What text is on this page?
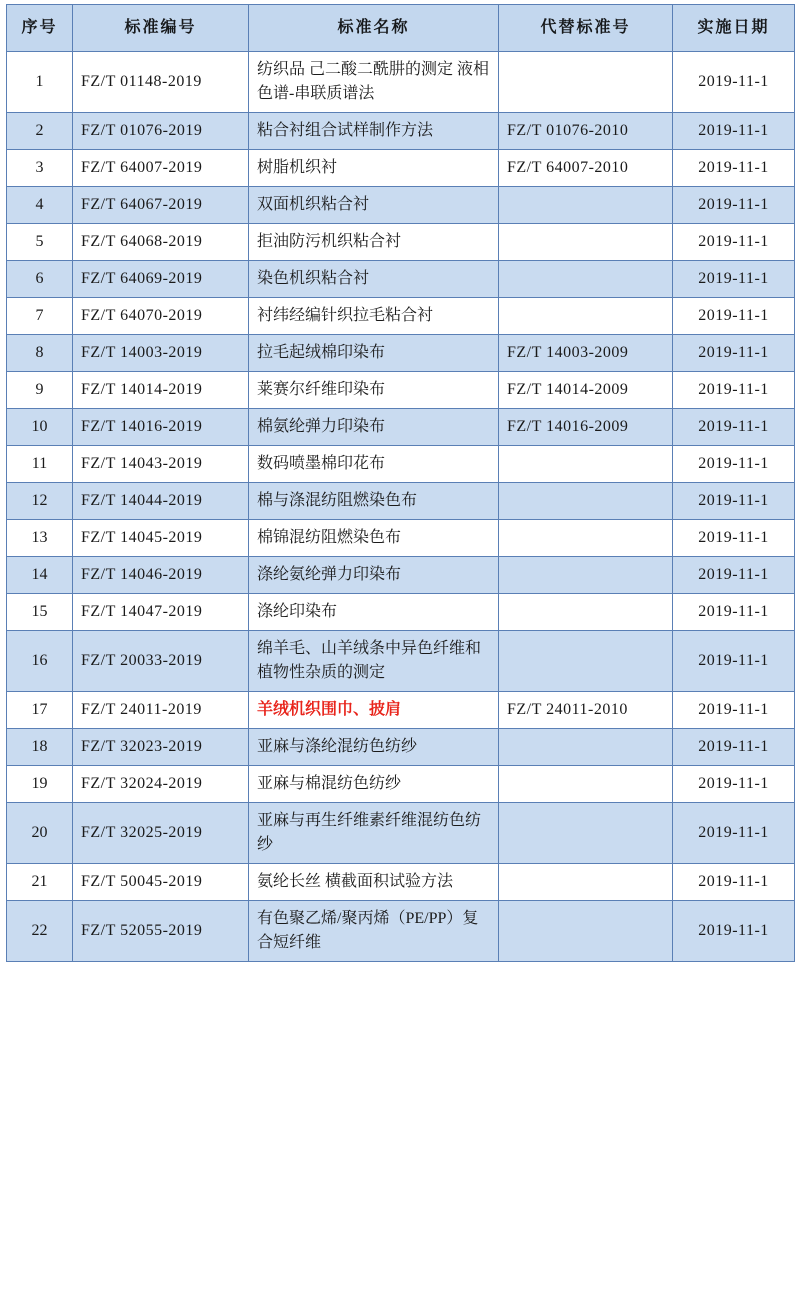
序号	标准编号	标准名称	代替标准号	实施日期

1	FZ/T 01148-2019	纺织品 己二酸二酰肼的测定 液相色谱-串联质谱法		2019-11-1

2	FZ/T 01076-2019	粘合衬组合试样制作方法	FZ/T 01076-2010	2019-11-1

3	FZ/T 64007-2019	树脂机织衬	FZ/T 64007-2010	2019-11-1

4	FZ/T 64067-2019	双面机织粘合衬		2019-11-1

5	FZ/T 64068-2019	拒油防污机织粘合衬		2019-11-1

6	FZ/T 64069-2019	染色机织粘合衬		2019-11-1

7	FZ/T 64070-2019	衬纬经编针织拉毛粘合衬		2019-11-1

8	FZ/T 14003-2019	拉毛起绒棉印染布	FZ/T 14003-2009	2019-11-1

9	FZ/T 14014-2019	莱赛尔纤维印染布	FZ/T 14014-2009	2019-11-1

10	FZ/T 14016-2019	棉氨纶弹力印染布	FZ/T 14016-2009	2019-11-1

11	FZ/T 14043-2019	数码喷墨棉印花布		2019-11-1

12	FZ/T 14044-2019	棉与涤混纺阻燃染色布		2019-11-1

13	FZ/T 14045-2019	棉锦混纺阻燃染色布		2019-11-1

14	FZ/T 14046-2019	涤纶氨纶弹力印染布		2019-11-1

15	FZ/T 14047-2019	涤纶印染布		2019-11-1

16	FZ/T 20033-2019	绵羊毛、山羊绒条中异色纤维和植物性杂质的测定		2019-11-1

17	FZ/T 24011-2019	羊绒机织围巾、披肩	FZ/T 24011-2010	2019-11-1

18	FZ/T 32023-2019	亚麻与涤纶混纺色纺纱		2019-11-1

19	FZ/T 32024-2019	亚麻与棉混纺色纺纱		2019-11-1

20	FZ/T 32025-2019	亚麻与再生纤维素纤维混纺色纺纱		2019-11-1

21	FZ/T 50045-2019	氨纶长丝 横截面积试验方法		2019-11-1

22	FZ/T 52055-2019	有色聚乙烯/聚丙烯（PE/PP）复合短纤维		2019-11-1
